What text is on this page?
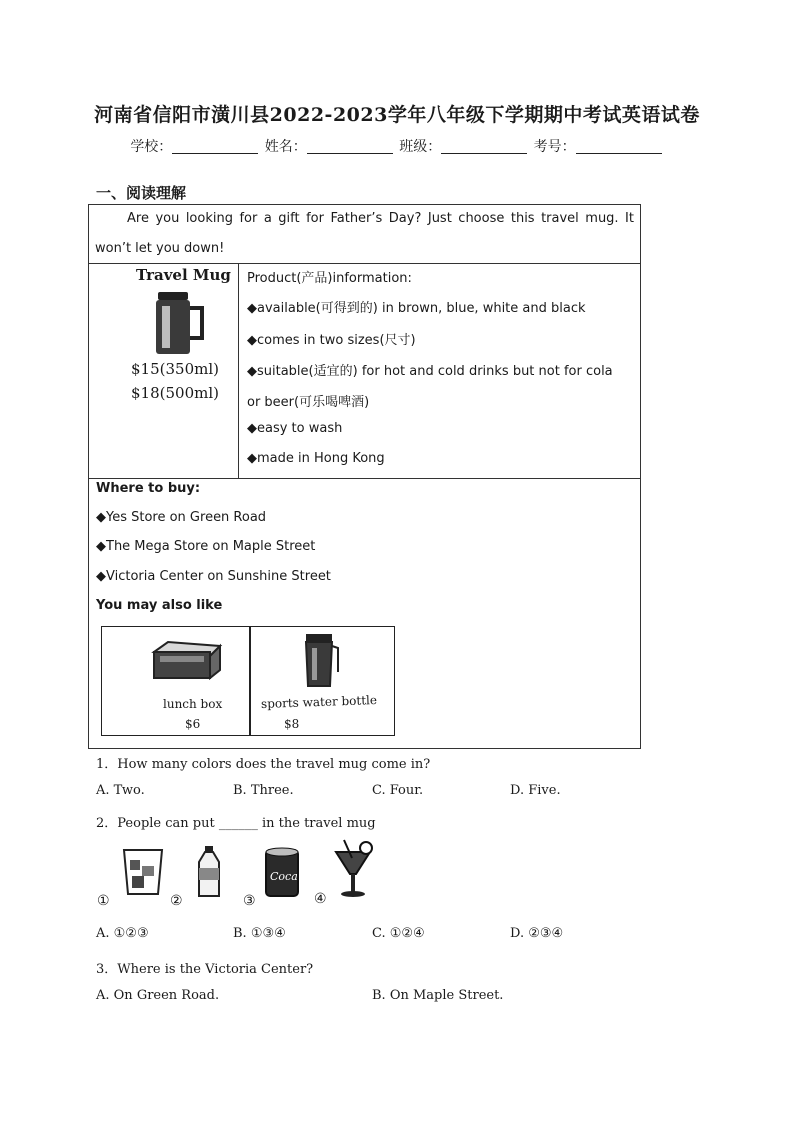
河南省信阳市潢川县2022-2023学年八年级下学期期中考试英语试卷
学校：	姓名：	班级：	考号：
一、阅读理解

Are you looking for a gift for Father’s Day? Just choose this travel mug. It won’t let you down!

Travel Mug
$15(350ml)
$18(500ml)
Product(产品)information:
◆available(可得到的) in brown, blue, white and black
◆comes in two sizes(尺寸)
◆suitable(适宜的) for hot and cold drinks but not for cola
or beer(可乐喝啤酒)
◆easy to wash
◆made in Hong Kong
Where to buy:
◆Yes Store on Green Road
◆The Mega Store on Maple Street
◆Victoria Center on Sunshine Street
You may also like
lunch box
$6
sports water bottle
$8
1．How many colors does the travel mug come in?
A. Two.	B. Three.	C. Four.	D. Five.
2．People can put ______ in the travel mug
Coca
①	②	③	④
A. ①②③	B. ①③④	C. ①②④	D. ②③④
3．Where is the Victoria Center?
A. On Green Road.	B. On Maple Street.
